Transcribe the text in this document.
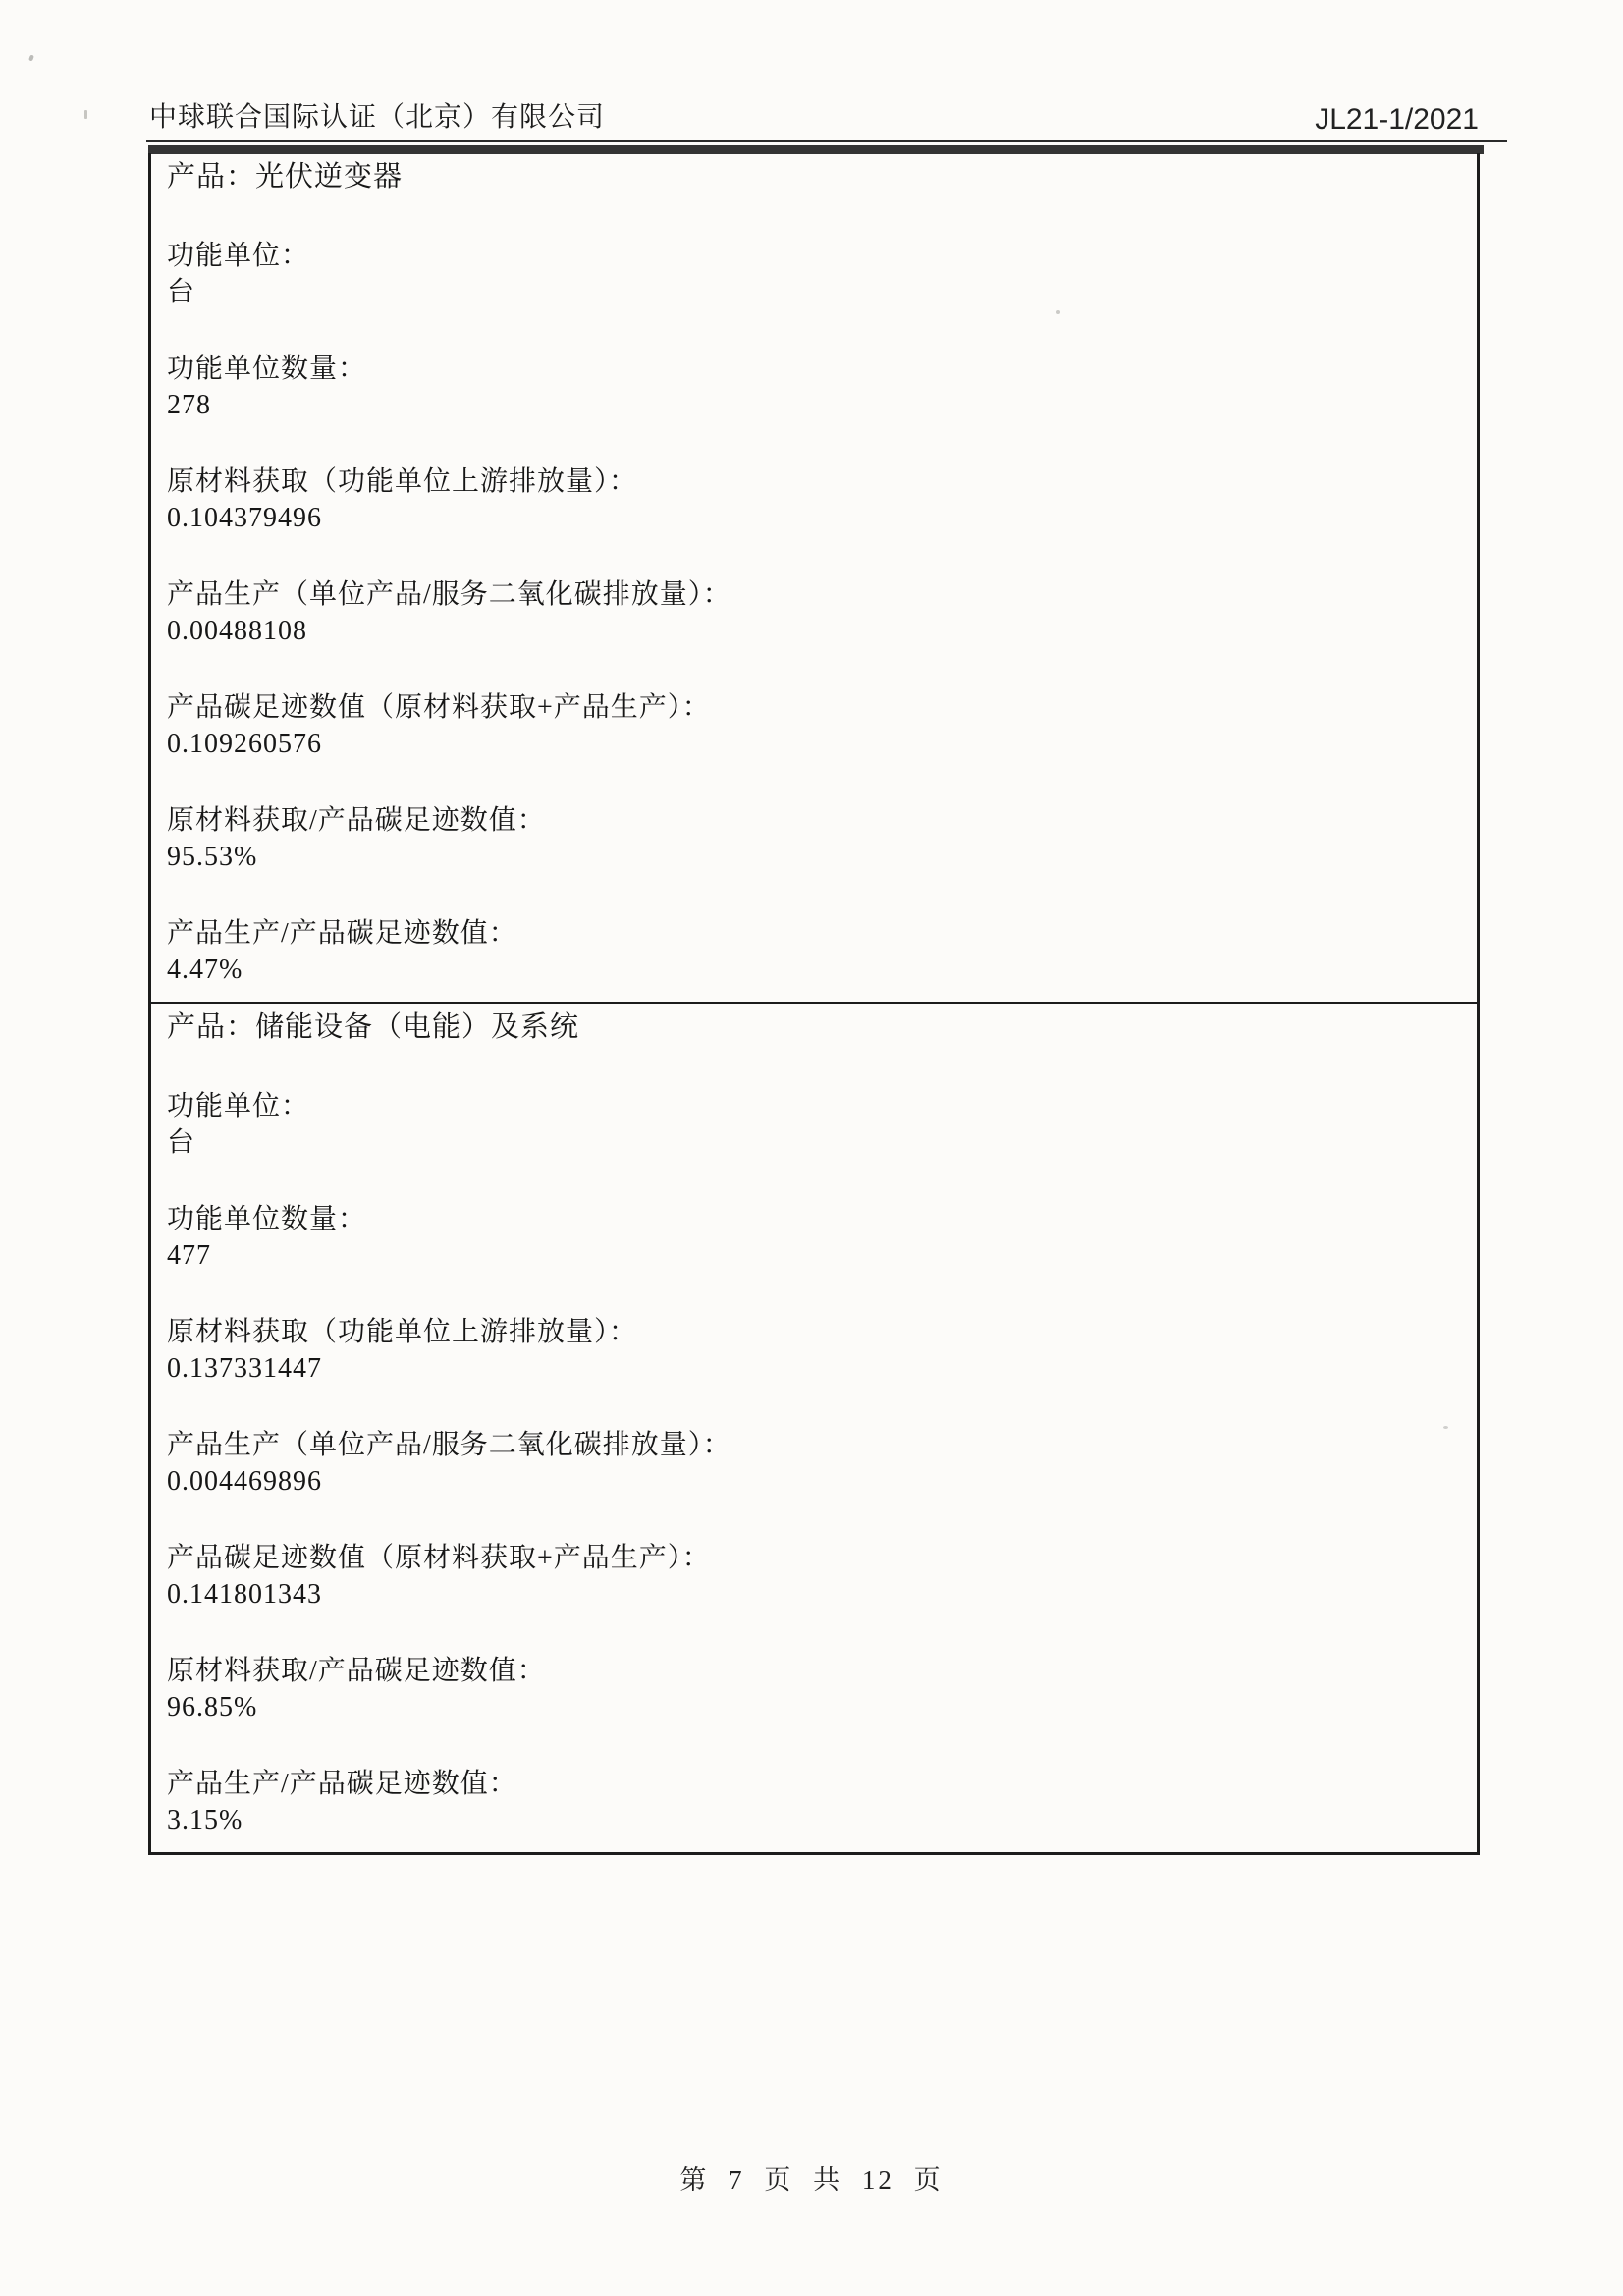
中球联合国际认证（北京）有限公司	JL21-1/2021
产品：光伏逆变器
功能单位：
台
功能单位数量：
278
原材料获取（功能单位上游排放量）：
0.104379496
产品生产（单位产品/服务二氧化碳排放量）：
0.00488108
产品碳足迹数值（原材料获取+产品生产）：
0.109260576
原材料获取/产品碳足迹数值：
95.53%
产品生产/产品碳足迹数值：
4.47%
产品：储能设备（电能）及系统
功能单位：
台
功能单位数量：
477
原材料获取（功能单位上游排放量）：
0.137331447
产品生产（单位产品/服务二氧化碳排放量）：
0.004469896
产品碳足迹数值（原材料获取+产品生产）：
0.141801343
原材料获取/产品碳足迹数值：
96.85%
产品生产/产品碳足迹数值：
3.15%
第 7 页 共 12 页
